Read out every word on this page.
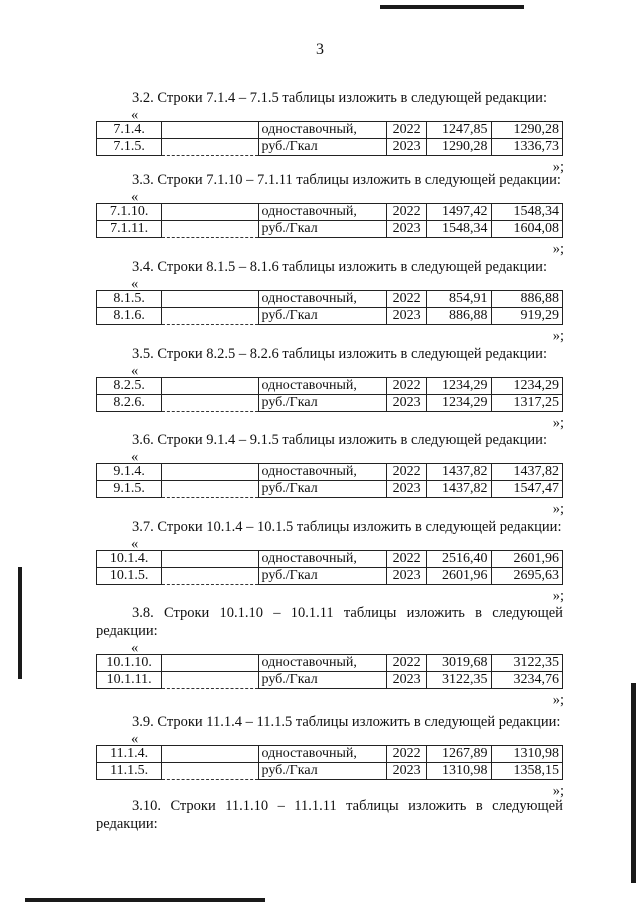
3
3.2. Строки 7.1.4 – 7.1.5 таблицы изложить в следующей редакции:
«
7.1.4.		одноставочный,	2022	1247,85	1290,28
7.1.5.		руб./Гкал	2023	1290,28	1336,73
»;
3.3. Строки 7.1.10 – 7.1.11 таблицы изложить в следующей редакции:
«
7.1.10.		одноставочный,	2022	1497,42	1548,34
7.1.11.		руб./Гкал	2023	1548,34	1604,08
»;
3.4. Строки 8.1.5 – 8.1.6 таблицы изложить в следующей редакции:
«
8.1.5.		одноставочный,	2022	854,91	886,88
8.1.6.		руб./Гкал	2023	886,88	919,29
»;
3.5. Строки 8.2.5 – 8.2.6 таблицы изложить в следующей редакции:
«
8.2.5.		одноставочный,	2022	1234,29	1234,29
8.2.6.		руб./Гкал	2023	1234,29	1317,25
»;
3.6. Строки 9.1.4 – 9.1.5 таблицы изложить в следующей редакции:
«
9.1.4.		одноставочный,	2022	1437,82	1437,82
9.1.5.		руб./Гкал	2023	1437,82	1547,47
»;
3.7. Строки 10.1.4 – 10.1.5 таблицы изложить в следующей редакции:
«
10.1.4.		одноставочный,	2022	2516,40	2601,96
10.1.5.		руб./Гкал	2023	2601,96	2695,63
»;
3.8. Строки 10.1.10 – 10.1.11 таблицы изложить в следующей
редакции:
«
10.1.10.		одноставочный,	2022	3019,68	3122,35
10.1.11.		руб./Гкал	2023	3122,35	3234,76
»;
3.9. Строки 11.1.4 – 11.1.5 таблицы изложить в следующей редакции:
«
11.1.4.		одноставочный,	2022	1267,89	1310,98
11.1.5.		руб./Гкал	2023	1310,98	1358,15
»;
3.10. Строки 11.1.10 – 11.1.11 таблицы изложить в следующей
редакции:
